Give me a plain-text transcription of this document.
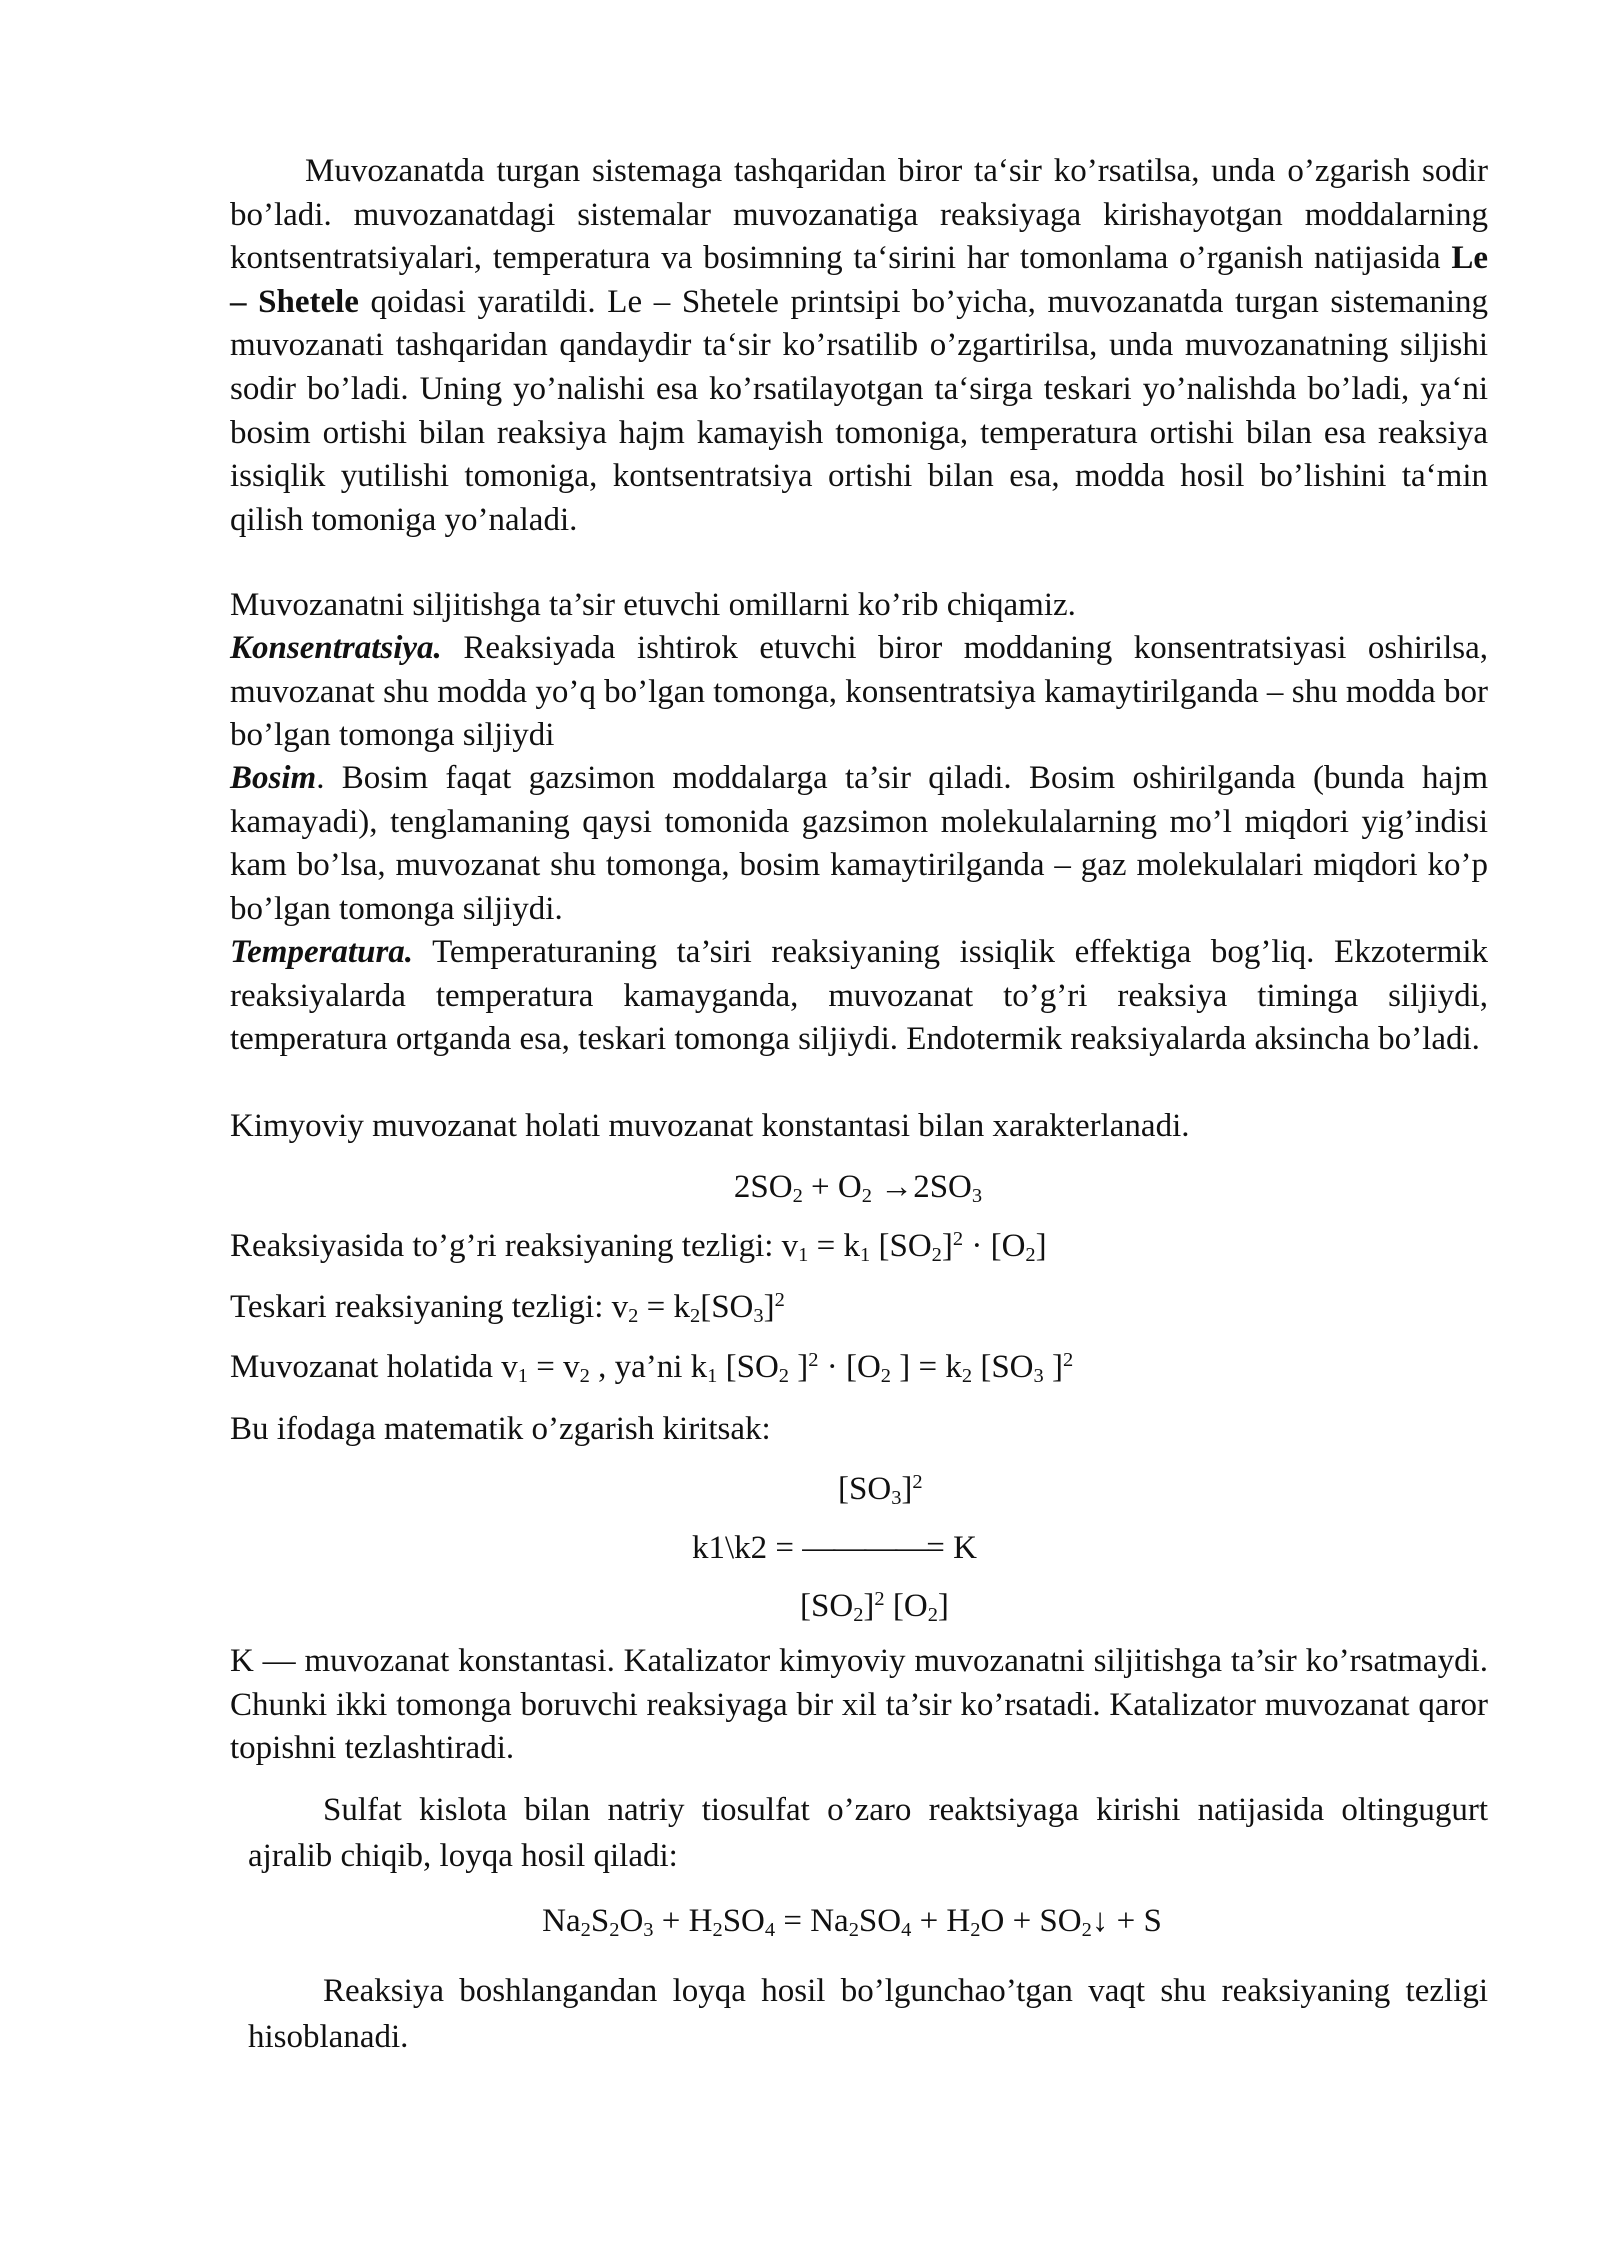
Muvozanatda turgan sistemaga tashqaridan biror ta‘sir ko’rsatilsa, unda o’zgarish sodir bo’ladi. muvozanatdagi sistemalar muvozanatiga reaksiyaga kirishayotgan moddalarning kontsentratsiyalari, temperatura va bosimning ta‘sirini har tomonlama o’rganish natijasida Le – Shetele qoidasi yaratildi. Le – Shetele printsipi bo’yicha, muvozanatda turgan sistemaning muvozanati tashqaridan qandaydir ta‘sir ko’rsatilib o’zgartirilsa, unda muvozanatning siljishi sodir bo’ladi. Uning yo’nalishi esa ko’rsatilayotgan ta‘sirga teskari yo’nalishda bo’ladi, ya‘ni bosim ortishi bilan reaksiya hajm kamayish tomoniga, temperatura ortishi bilan esa reaksiya issiqlik yutilishi tomoniga, kontsentratsiya ortishi bilan esa, modda hosil bo’lishini ta‘min qilish tomoniga yo’naladi.

Muvozanatni siljitishga ta’sir etuvchi omillarni ko’rib chiqamiz.

Konsentratsiya. Reaksiyada ishtirok etuvchi biror moddaning konsentratsiyasi oshirilsa, muvozanat shu modda yo’q bo’lgan tomonga, konsentratsiya kamaytirilganda – shu modda bor bo’lgan tomonga siljiydi

Bosim. Bosim faqat gazsimon moddalarga ta’sir qiladi. Bosim oshirilganda (bunda hajm kamayadi), tenglamaning qaysi tomonida gazsimon molekulalarning mo’l miqdori yig’indisi kam bo’lsa, muvozanat shu tomonga, bosim kamaytirilganda – gaz molekulalari miqdori ko’p bo’lgan tomonga siljiydi.

Temperatura. Temperaturaning ta’siri reaksiyaning issiqlik effektiga bog’liq. Ekzotermik reaksiyalarda temperatura kamayganda, muvozanat to’g’ri reaksiya timinga siljiydi, temperatura ortganda esa, teskari tomonga siljiydi. Endotermik reaksiyalarda aksincha bo’ladi.

Kimyoviy muvozanat holati muvozanat konstantasi bilan xarakterlanadi.

$2SO_2 + O_2 \to 2SO_3$

Reaksiyasida to’g’ri reaksiyaning tezligi: $v_1 = k_1$ $[SO_2]^2 \cdot [O_2]$

Teskari reaksiyaning tezligi: $v_2 = k_2[SO_3]^2$

Muvozanat holatida $v_1 = v_2$ , ya’ni $k_1$ [$SO_2$ ]$^2 \cdot [O_2$ ] = $k_2$ [$SO_3$ ]$^2$

Bu ifodaga matematik o’zgarish kiritsak:

$[SO_3]^2$

k1\k2 = ————= K

$[SO_2]^2$ $[O_2]$

K — muvozanat konstantasi. Katalizator kimyoviy muvozanatni siljitishga ta’sir ko’rsatmaydi. Chunki ikki tomonga boruvchi reaksiyaga bir xil ta’sir ko’rsatadi. Katalizator muvozanat qaror topishni tezlashtiradi.

Sulfat kislota bilan natriy tiosulfat o’zaro reaktsiyaga kirishi natijasida oltingugurt ajralib chiqib, loyqa hosil qiladi:

$Na_2S_2O_3 + H_2SO_4 = Na_2SO_4 + H_2O$ + $SO_2↓ + S$

Reaksiya boshlangandan loyqa hosil bo’lgunchao’tgan vaqt shu reaksiyaning tezligi hisoblanadi.
